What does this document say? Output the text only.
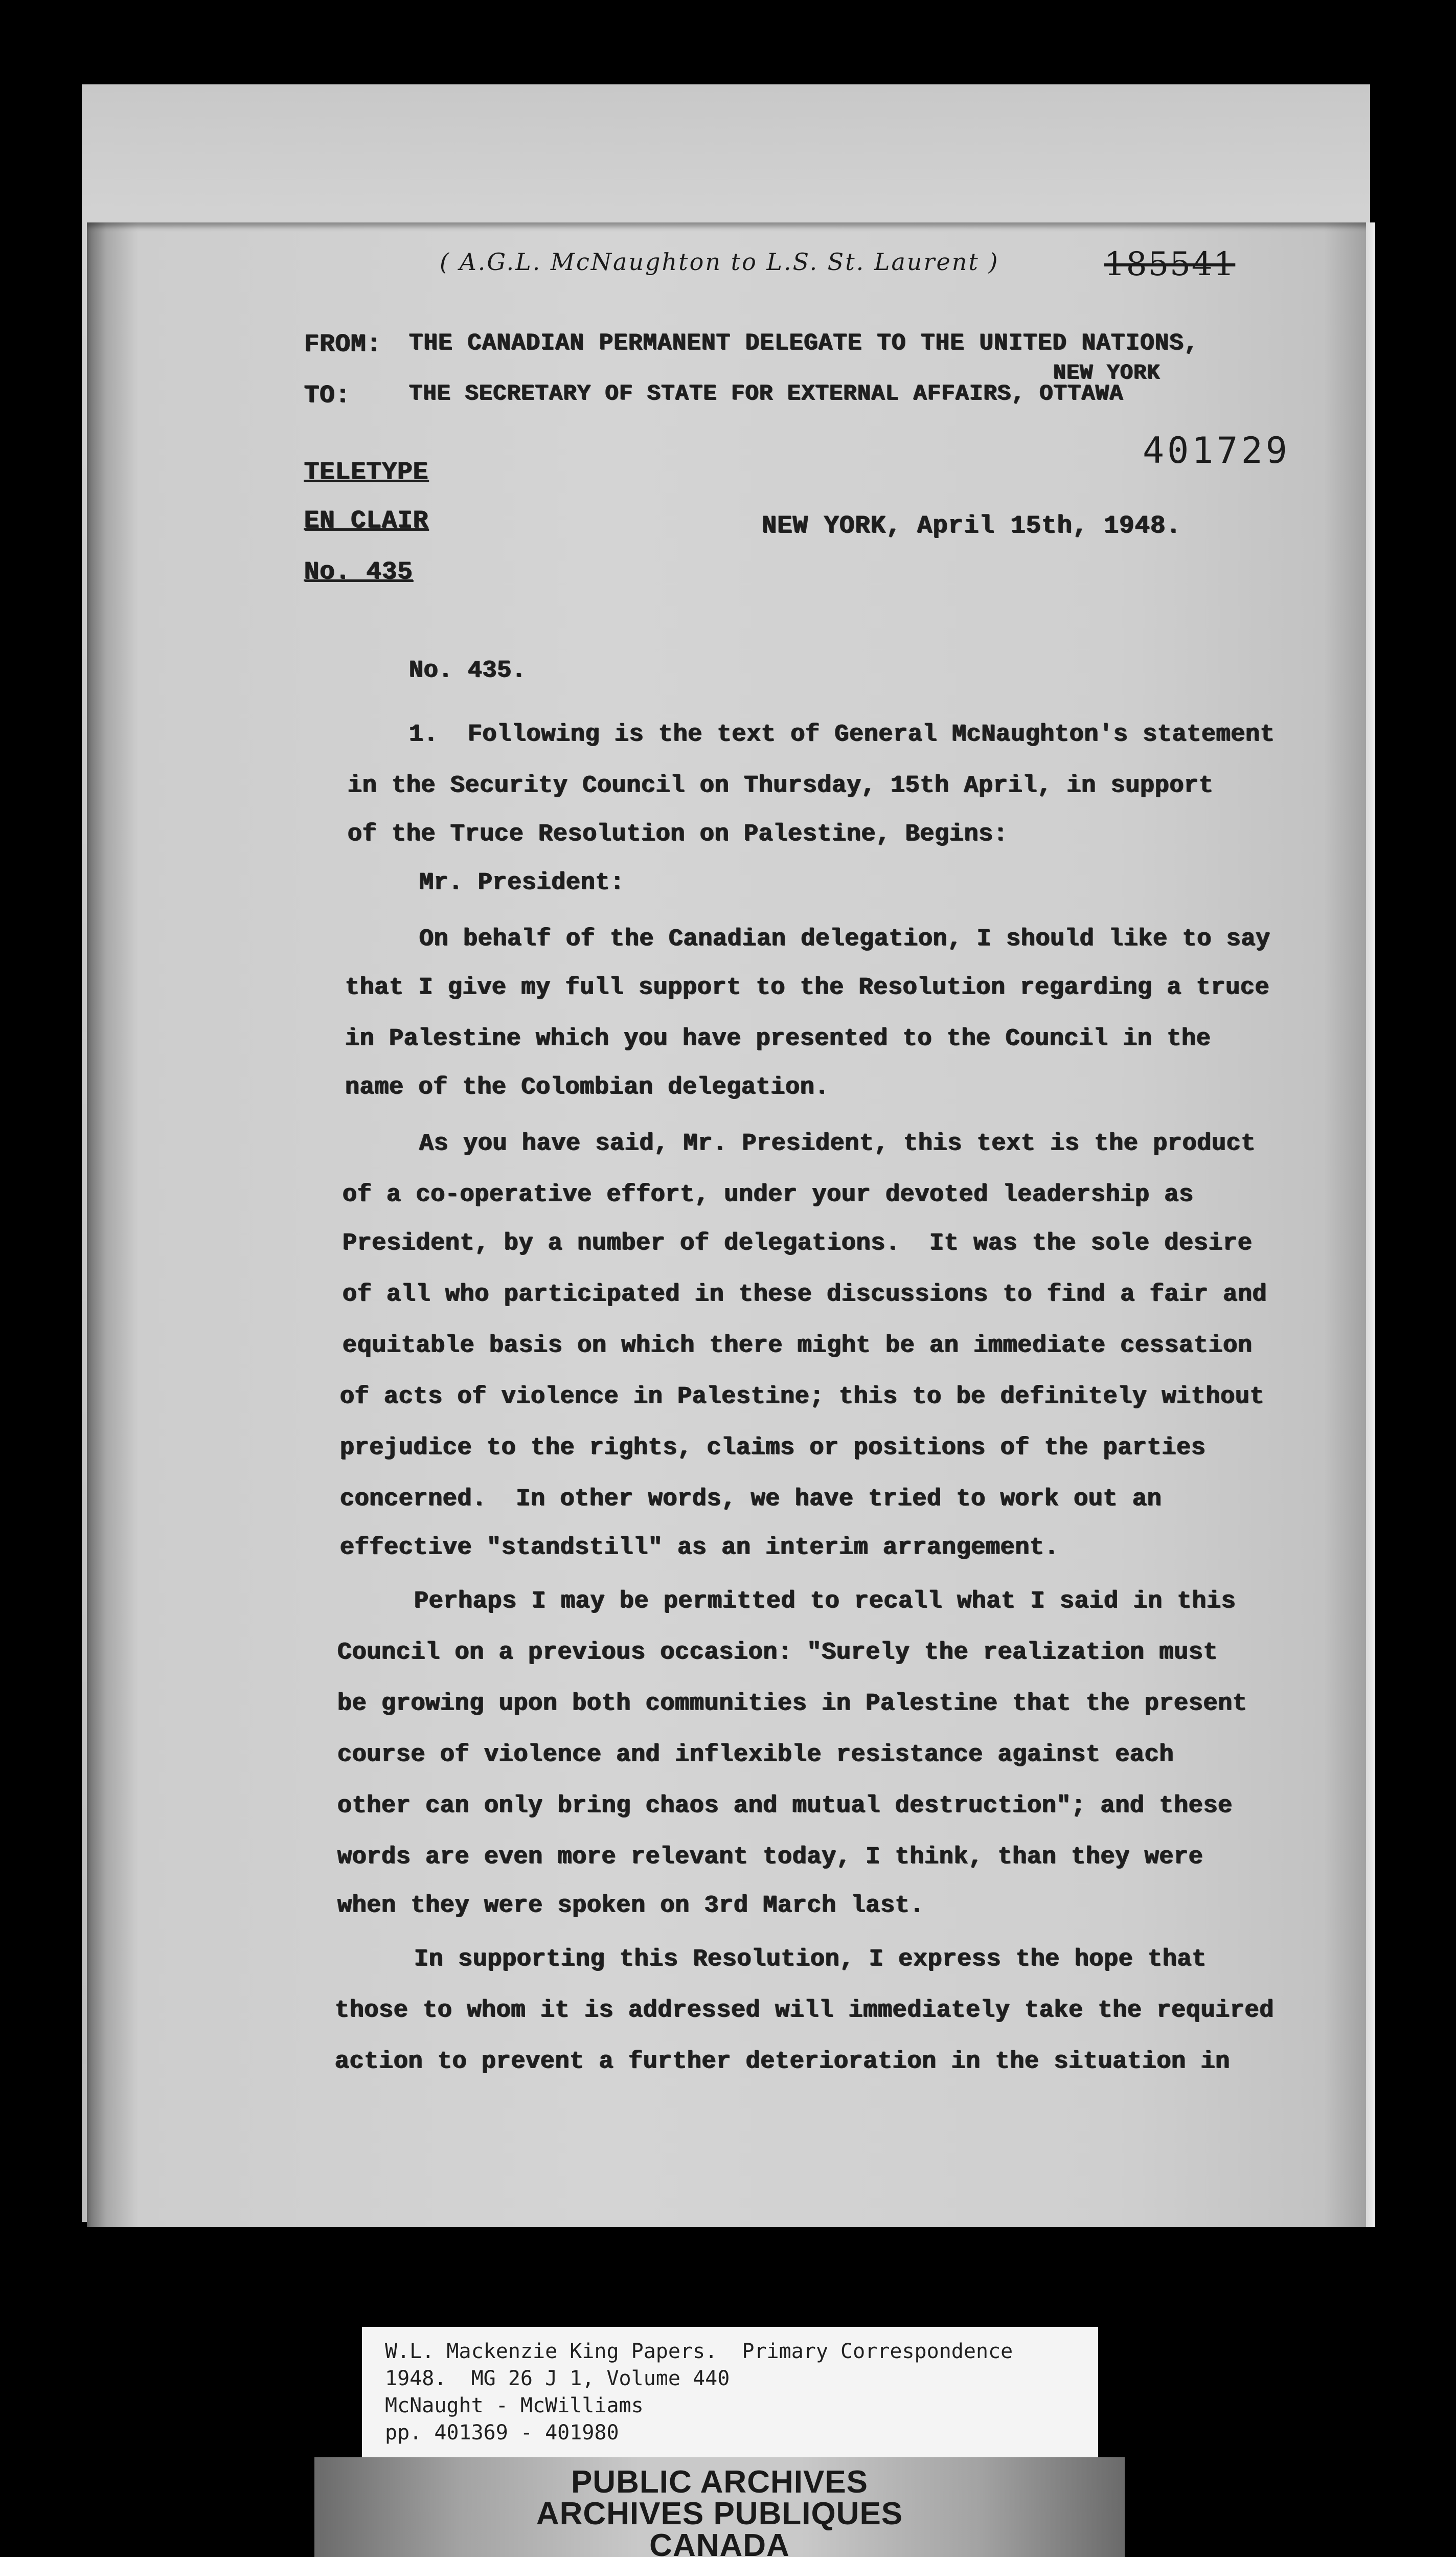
( A.G.L. McNaughton to L.S. St. Laurent )	185541
FROM: THE CANADIAN PERMANENT DELEGATE TO THE UNITED NATIONS,
NEW YORK
TO:	THE SECRETARY OF STATE FOR EXTERNAL AFFAIRS, OTTAWA
401729
TELETYPE
EN CLAIR
No. 435
NEW YORK, April 15th, 1948.
No. 435.
1.  Following is the text of General McNaughton's statement
in the Security Council on Thursday, 15th April, in support
of the Truce Resolution on Palestine, Begins:
Mr. President:
On behalf of the Canadian delegation, I should like to say
that I give my full support to the Resolution regarding a truce
in Palestine which you have presented to the Council in the
name of the Colombian delegation.
As you have said, Mr. President, this text is the product
of a co-operative effort, under your devoted leadership as
President, by a number of delegations.  It was the sole desire
of all who participated in these discussions to find a fair and
equitable basis on which there might be an immediate cessation
of acts of violence in Palestine; this to be definitely without
prejudice to the rights, claims or positions of the parties
concerned.  In other words, we have tried to work out an
effective "standstill" as an interim arrangement.
Perhaps I may be permitted to recall what I said in this
Council on a previous occasion: "Surely the realization must
be growing upon both communities in Palestine that the present
course of violence and inflexible resistance against each
other can only bring chaos and mutual destruction"; and these
words are even more relevant today, I think, than they were
when they were spoken on 3rd March last.
In supporting this Resolution, I express the hope that
those to whom it is addressed will immediately take the required
action to prevent a further deterioration in the situation in
W.L. Mackenzie King Papers.  Primary Correspondence
1948.  MG 26 J 1, Volume 440
McNaught - McWilliams
pp. 401369 - 401980
PUBLIC ARCHIVES
ARCHIVES PUBLIQUES
CANADA
